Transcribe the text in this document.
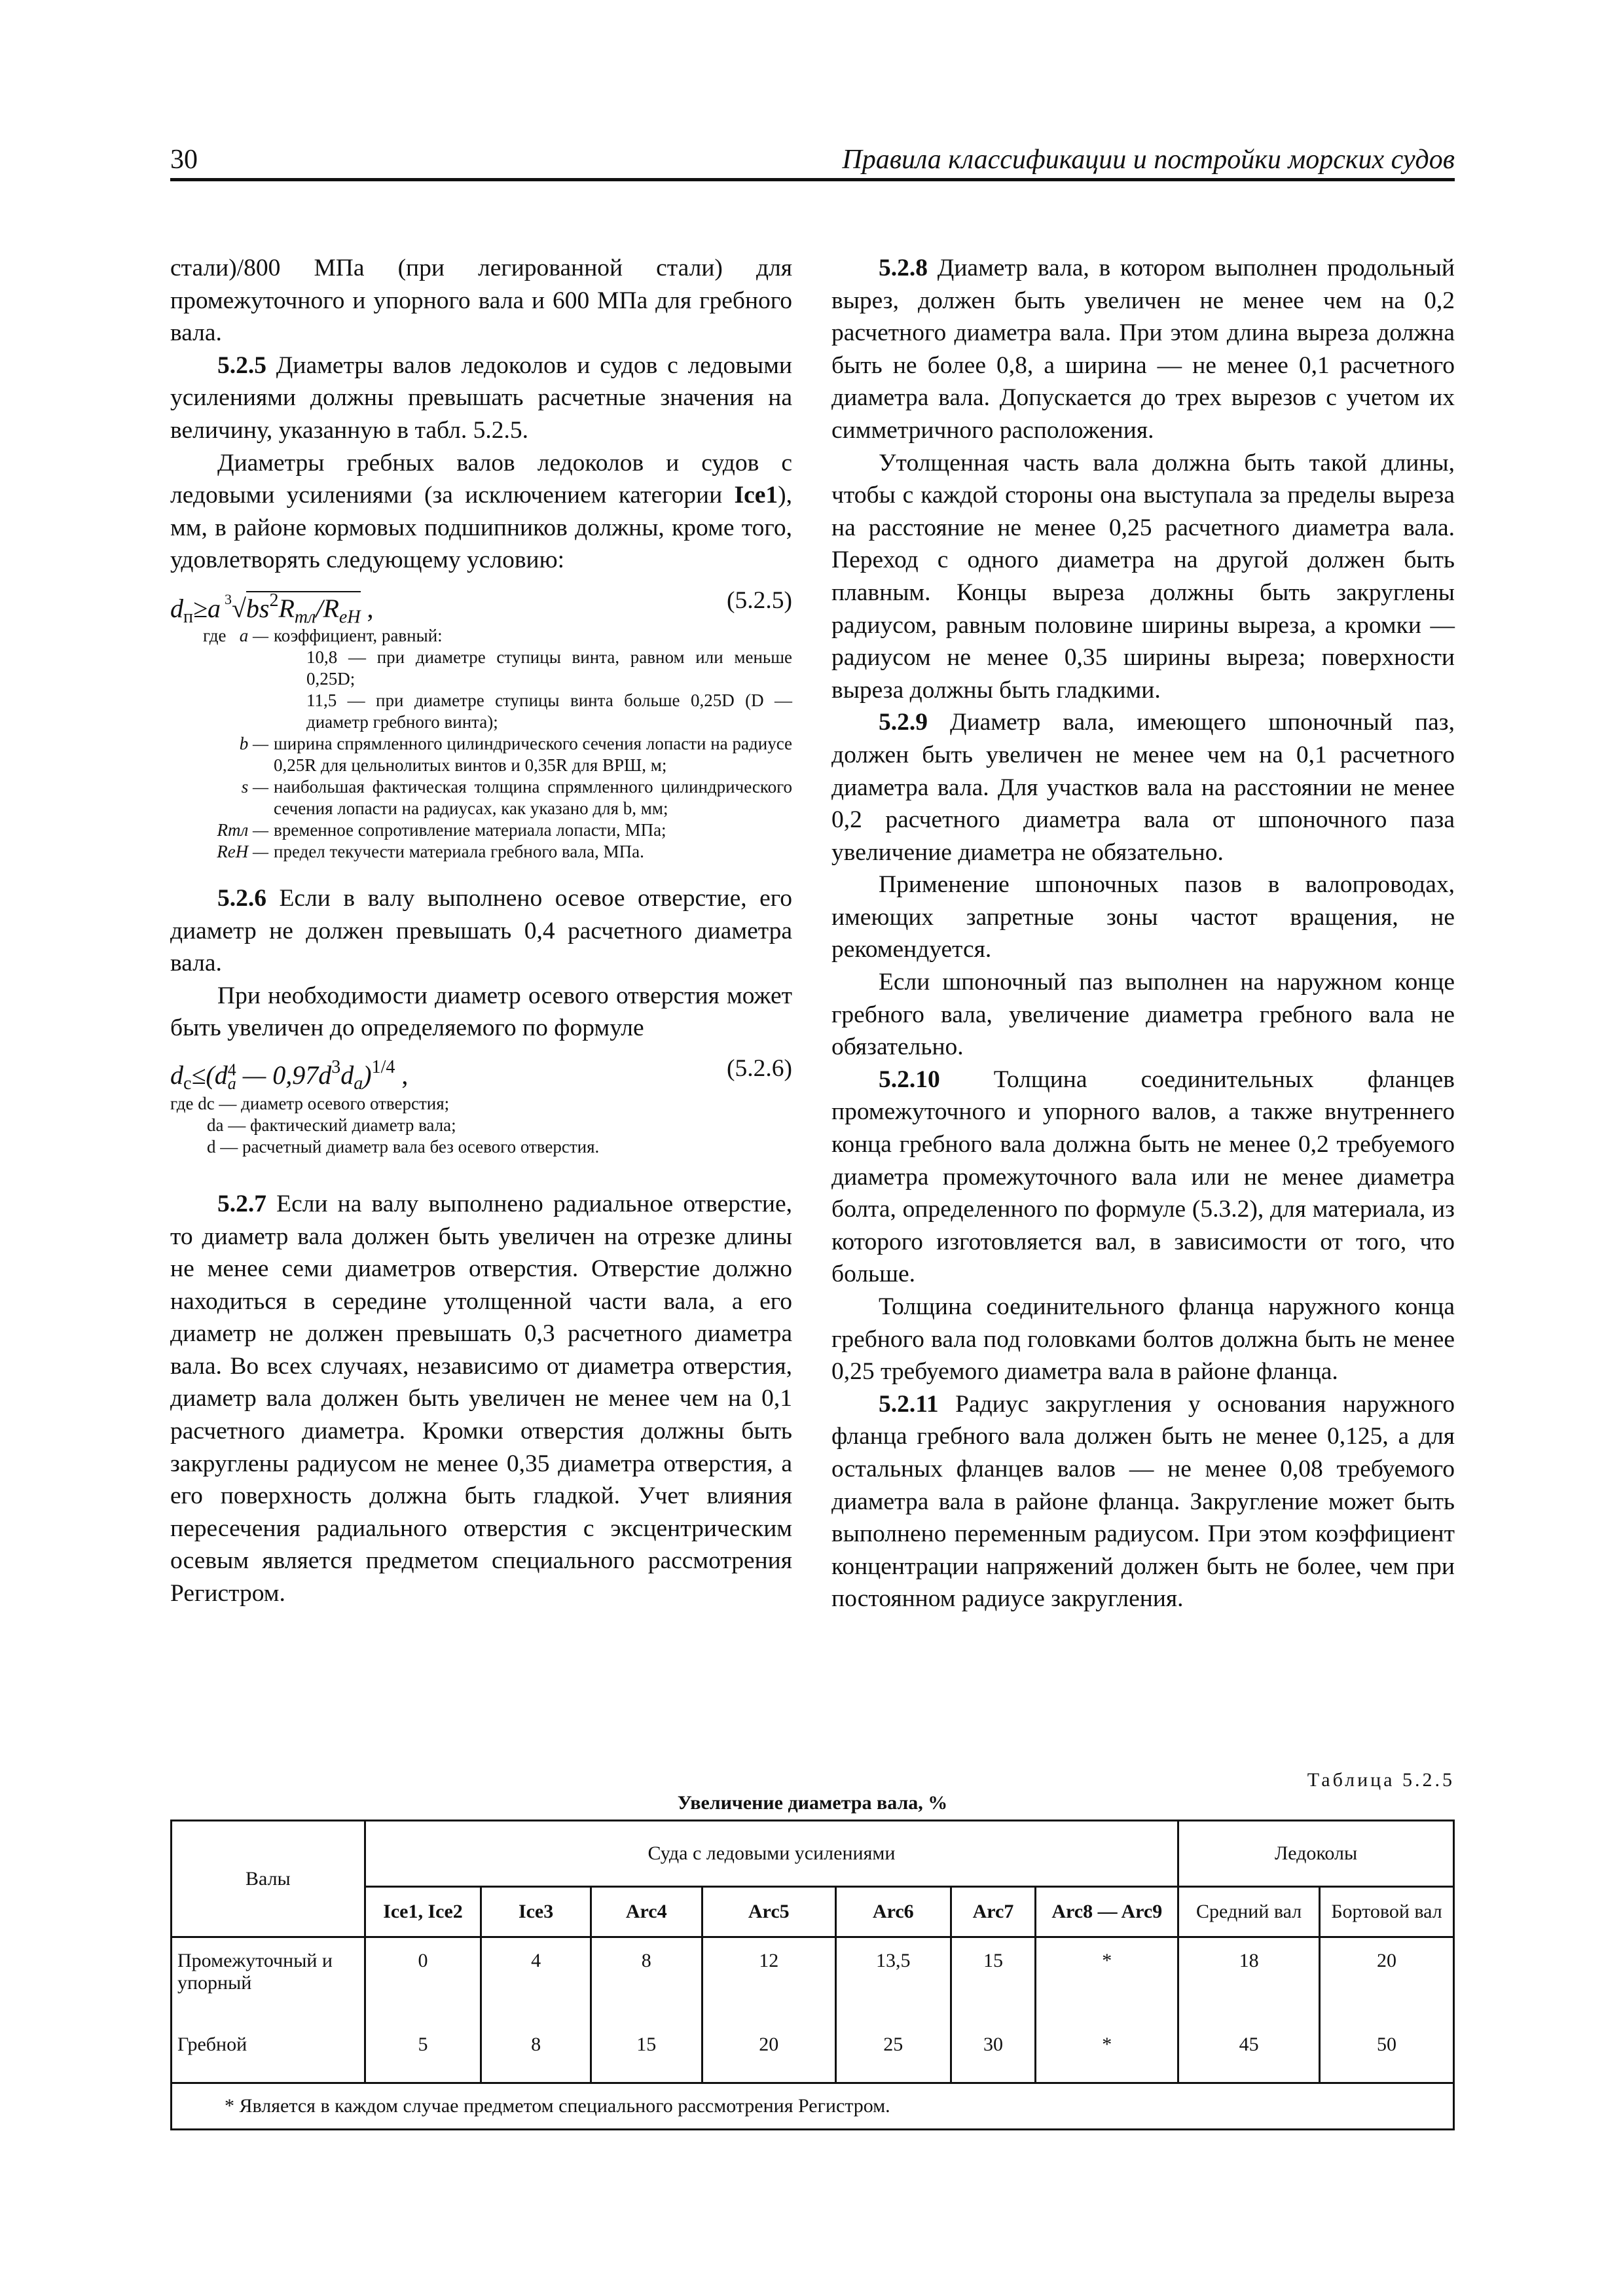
30	Правила классификации и постройки морских судов

стали)/800 МПа (при легированной стали) для промежуточного и упорного вала и 600 МПа для гребного вала.

5.2.5 Диаметры валов ледоколов и судов с ледовыми усилениями должны превышать расчетные значения на величину, указанную в табл. 5.2.5.

Диаметры гребных валов ледоколов и судов с ледовыми усилениями (за исключением категории Ice1), мм, в районе кормовых подшипников должны, кроме того, удовлетворять следующему условию:

$d_п\ge a$ $^3√bs^2R_{тл}/R_{eH}$ ,	(5.2.5)
где a — коэффициент, равный:
10,8 — при диаметре ступицы винта, равном или меньше 0,25D;
11,5 — при диаметре ступицы винта больше 0,25D (D — диаметр гребного винта);
b — ширина спрямленного цилиндрического сечения лопасти на радиусе 0,25R для цельнолитых винтов и 0,35R для ВРШ, м;
s — наибольшая фактическая толщина спрямленного цилиндрического сечения лопасти на радиусах, как указано для b, мм;
Rтл — временное сопротивление материала лопасти, МПа;
ReH — предел текучести материала гребного вала, МПа.

5.2.6 Если в валу выполнено осевое отверстие, его диаметр не должен превышать 0,4 расчетного диаметра вала.

При необходимости диаметр осевого отверстия может быть увеличен до определяемого по формуле

$d_c\le(d$ 4
a — $0,97d^3d_a)^{1/4}$ ,	(5.2.6)
где dc — диаметр осевого отверстия;
da — фактический диаметр вала;
d — расчетный диаметр вала без осевого отверстия.

5.2.7 Если на валу выполнено радиальное отверстие, то диаметр вала должен быть увеличен на отрезке длины не менее семи диаметров отверстия. Отверстие должно находиться в середине утолщенной части вала, а его диаметр не должен превышать 0,3 расчетного диаметра вала. Во всех случаях, независимо от диаметра отверстия, диаметр вала должен быть увеличен не менее чем на 0,1 расчетного диаметра. Кромки отверстия должны быть закруглены радиусом не менее 0,35 диаметра отверстия, а его поверхность должна быть гладкой. Учет влияния пересечения радиального отверстия с эксцентрическим осевым является предметом специального рассмотрения Регистром.

5.2.8 Диаметр вала, в котором выполнен продольный вырез, должен быть увеличен не менее чем на 0,2 расчетного диаметра вала. При этом длина выреза должна быть не более 0,8, а ширина — не менее 0,1 расчетного диаметра вала. Допускается до трех вырезов с учетом их симметричного расположения.

Утолщенная часть вала должна быть такой длины, чтобы с каждой стороны она выступала за пределы выреза на расстояние не менее 0,25 расчетного диаметра вала. Переход с одного диаметра на другой должен быть плавным. Концы выреза должны быть закруглены радиусом, равным половине ширины выреза, а кромки — радиусом не менее 0,35 ширины выреза; поверхности выреза должны быть гладкими.

5.2.9 Диаметр вала, имеющего шпоночный паз, должен быть увеличен не менее чем на 0,1 расчетного диаметра вала. Для участков вала на расстоянии не менее 0,2 расчетного диаметра вала от шпоночного паза увеличение диаметра не обязательно.

Применение шпоночных пазов в валопроводах, имеющих запретные зоны частот вращения, не рекомендуется.

Если шпоночный паз выполнен на наружном конце гребного вала, увеличение диаметра гребного вала не обязательно.

5.2.10 Толщина соединительных фланцев промежуточного и упорного валов, а также внутреннего конца гребного вала должна быть не менее 0,2 требуемого диаметра промежуточного вала или не менее диаметра болта, определенного по формуле (5.3.2), для материала, из которого изготовляется вал, в зависимости от того, что больше.

Толщина соединительного фланца наружного конца гребного вала под головками болтов должна быть не менее 0,25 требуемого диаметра вала в районе фланца.

5.2.11 Радиус закругления у основания наружного фланца гребного вала должен быть не менее 0,125, а для остальных фланцев валов — не менее 0,08 требуемого диаметра вала в районе фланца. Закругление может быть выполнено переменным радиусом. При этом коэффициент концентрации напряжений должен быть не более, чем при постоянном радиусе закругления.

Таблица 5.2.5
Увеличение диаметра вала, %
Валы	Суда с ледовыми усилениями							Ледоколы	
	Ice1, Ice2	Ice3	Arc4	Arc5	Arc6	Arc7	Arc8 — Arc9	Средний вал	Бортовой вал
Промежуточный и упорный	0	4	8	12	13,5	15	*	18	20
Гребной	5	8	15	20	25	30	*	45	50
* Является в каждом случае предметом специального рассмотрения Регистром.									
